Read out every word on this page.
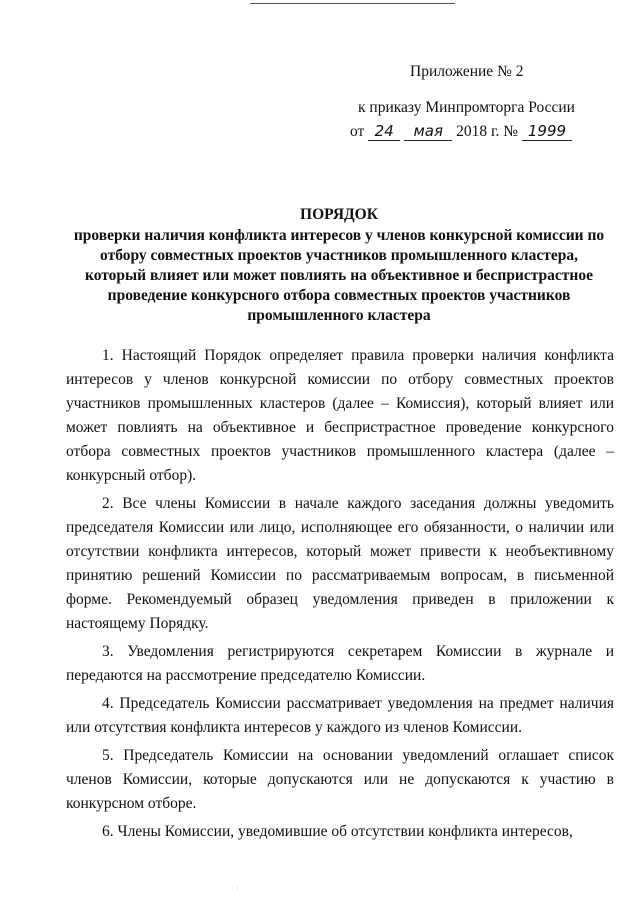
Приложение № 2
к приказу Минпромторга России
от 24 мая 2018 г. № 1999
ПОРЯДОК
проверки наличия конфликта интересов у членов конкурсной комиссии по отбору совместных проектов участников промышленного кластера, который влияет или может повлиять на объективное и беспристрастное проведение конкурсного отбора совместных проектов участников промышленного кластера

1. Настоящий Порядок определяет правила проверки наличия конфликта интересов у членов конкурсной комиссии по отбору совместных проектов участников промышленных кластеров (далее – Комиссия), который влияет или может повлиять на объективное и беспристрастное проведение конкурсного отбора совместных проектов участников промышленного кластера (далее – конкурсный отбор).

2. Все члены Комиссии в начале каждого заседания должны уведомить председателя Комиссии или лицо, исполняющее его обязанности, о наличии или отсутствии конфликта интересов, который может привести к необъективному принятию решений Комиссии по рассматриваемым вопросам, в письменной форме. Рекомендуемый образец уведомления приведен в приложении к настоящему Порядку.

3. Уведомления регистрируются секретарем Комиссии в журнале и передаются на рассмотрение председателю Комиссии.

4. Председатель Комиссии рассматривает уведомления на предмет наличия или отсутствия конфликта интересов у каждого из членов Комиссии.

5. Председатель Комиссии на основании уведомлений оглашает список членов Комиссии, которые допускаются или не допускаются к участию в конкурсном отборе.

6. Члены Комиссии, уведомившие об отсутствии конфликта интересов,

·
